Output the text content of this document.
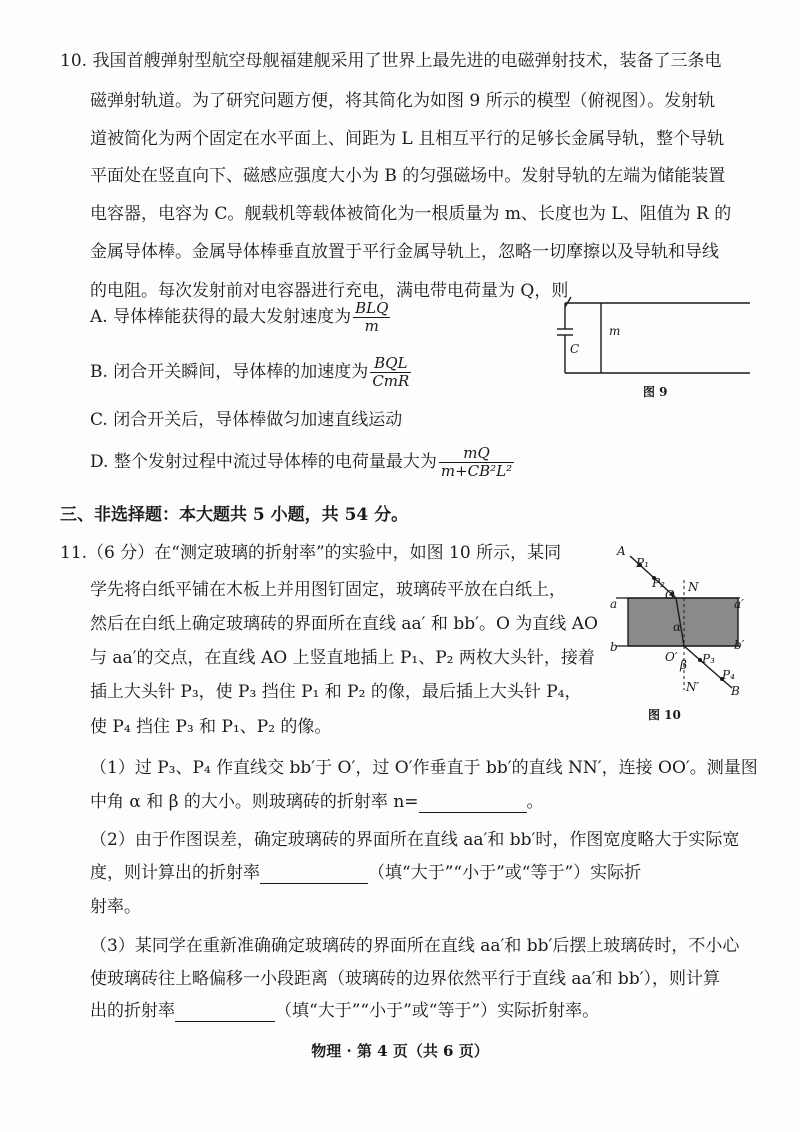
10. 我国首艘弹射型航空母舰福建舰采用了世界上最先进的电磁弹射技术，装备了三条电
磁弹射轨道。为了研究问题方便，将其简化为如图 9 所示的模型（俯视图）。发射轨
道被简化为两个固定在水平面上、间距为 L 且相互平行的足够长金属导轨，整个导轨
平面处在竖直向下、磁感应强度大小为 B 的匀强磁场中。发射导轨的左端为储能装置
电容器，电容为 C。舰载机等载体被简化为一根质量为 m、长度也为 L、阻值为 R 的
金属导体棒。金属导体棒垂直放置于平行金属导轨上，忽略一切摩擦以及导轨和导线
的电阻。每次发射前对电容器进行充电，满电带电荷量为 Q，则
A. 导体棒能获得的最大发射速度为 $\frac{\text{BLQ}}{m}$
B. 闭合开关瞬间，导体棒的加速度为 $\frac{\text{BQL}}{\text{CmR}}$
C. 闭合开关后，导体棒做匀加速直线运动
D. 整个发射过程中流过导体棒的电荷量最大为 $\frac{mQ}{\text{m+CB²L²}}$
m
C
图 9
三、非选择题：本大题共 5 小题，共 54 分。
11.（6 分）在“测定玻璃的折射率”的实验中，如图 10 所示，某同
学先将白纸平铺在木板上并用图钉固定，玻璃砖平放在白纸上，
然后在白纸上确定玻璃砖的界面所在直线 aa′ 和 bb′。O 为直线 AO
与 aa′的交点，在直线 AO 上竖直地插上 P₁、P₂ 两枚大头针，接着
插上大头针 P₃，使 P₃ 挡住 P₁ 和 P₂ 的像，最后插上大头针 P₄，
使 P₄ 挡住 P₃ 和 P₁、P₂ 的像。
A
P₁
P₂
O
N
a	a′
α
b	b′
O′ P₃
β
P₄
B
N′
图 10
（1）过 P₃、P₄ 作直线交 bb′于 O′，过 O′作垂直于 bb′的直线 NN′，连接 OO′。测量图
中角 α 和 β 的大小。则玻璃砖的折射率 n=	。
（2）由于作图误差，确定玻璃砖的界面所在直线 aa′和 bb′时，作图宽度略大于实际宽
度，则计算出的折射率	（填“大于”“小于”或“等于”）实际折
射率。
（3）某同学在重新准确确定玻璃砖的界面所在直线 aa′和 bb′后摆上玻璃砖时，不小心
使玻璃砖往上略偏移一小段距离（玻璃砖的边界依然平行于直线 aa′和 bb′），则计算
出的折射率	（填“大于”“小于”或“等于”）实际折射率。
物理 · 第 4 页（共 6 页）
